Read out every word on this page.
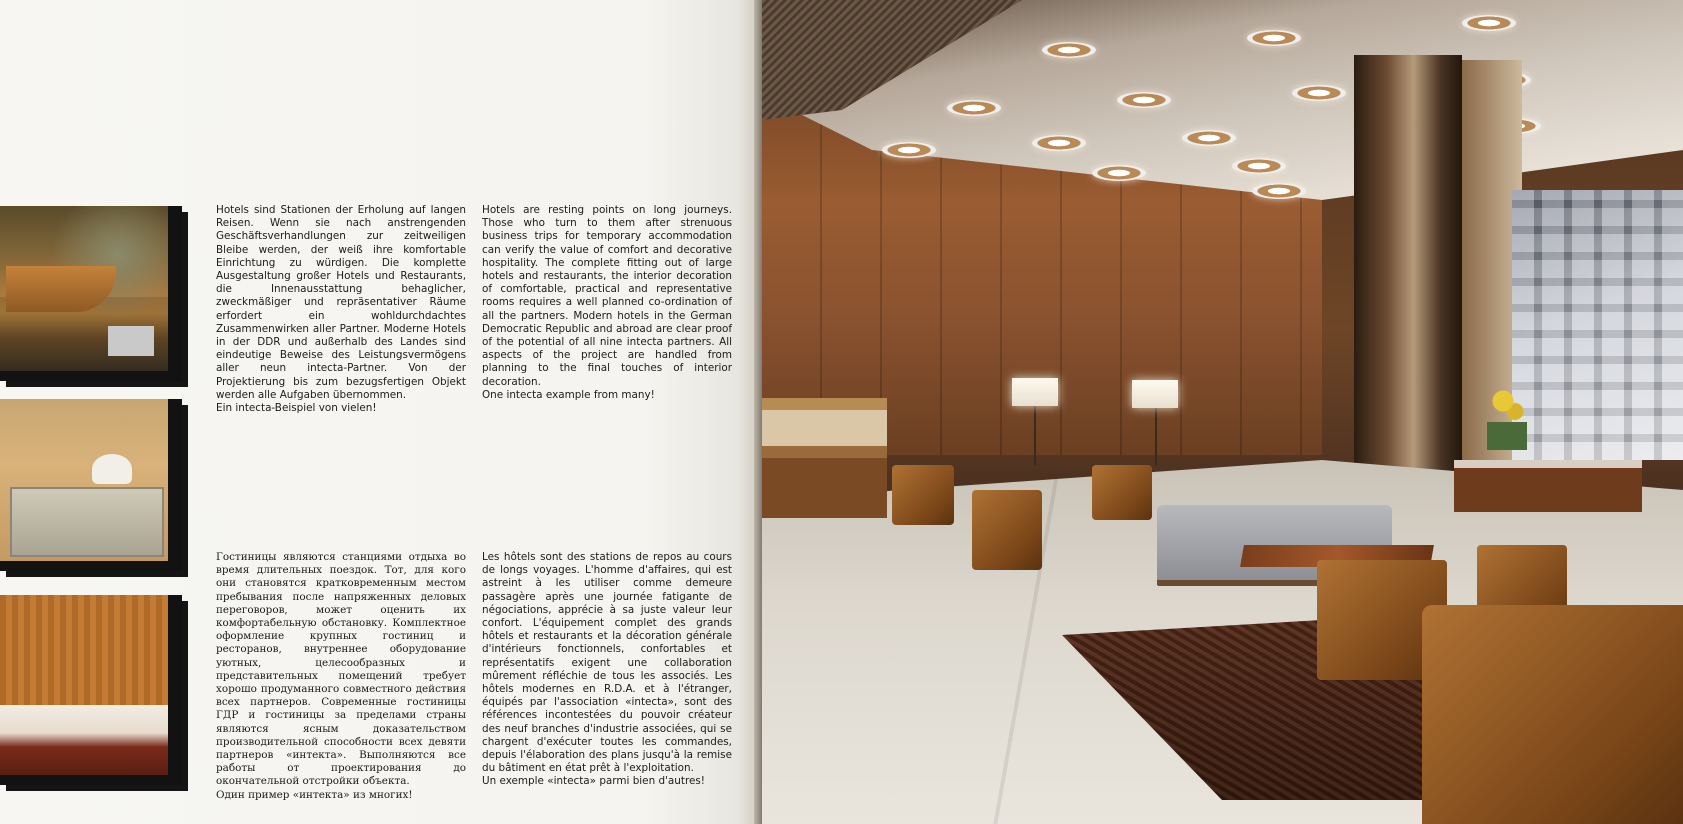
Hotels sind Stationen der Erholung auf langen Reisen. Wenn sie nach anstrengenden Geschäftsverhandlungen zur zeitweiligen Bleibe werden, der weiß ihre komfortable Einrichtung zu würdigen. Die komplette Ausgestaltung großer Hotels und Restaurants, die Innenausstattung behaglicher, zweckmäßiger und repräsentativer Räume erfordert ein wohldurchdachtes Zusammenwirken aller Partner. Moderne Hotels in der DDR und außerhalb des Landes sind eindeutige Beweise des Leistungsvermögens aller neun intecta-Partner. Von der Projektierung bis zum bezugsfertigen Objekt werden alle Aufgaben übernommen.
Ein intecta-Beispiel von vielen!

Hotels are resting points on long journeys. Those who turn to them after strenuous business trips for temporary accommodation can verify the value of comfort and decorative hospitality. The complete fitting out of large hotels and restaurants, the interior decoration of comfortable, practical and representative rooms requires a well planned co-ordination of all the partners. Modern hotels in the German Democratic Republic and abroad are clear proof of the potential of all nine intecta partners. All aspects of the project are handled from planning to the final touches of interior decoration.
One intecta example from many!

Гостиницы являются станциями отдыха во время длительных поездок. Тот, для кого они становятся кратковременным местом пребывания после напряженных деловых переговоров, может оценить их комфортабельную обстановку. Комплектное оформление крупных гостиниц и ресторанов, внутреннее оборудование уютных, целесообразных и представительных помещений требует хорошо продуманного совместного действия всех партнеров. Современные гостиницы ГДР и гостиницы за пределами страны являются ясным доказательством производительной способности всех девяти партнеров «интекта». Выполняются все работы от проектирования до окончательной отстройки объекта.
Один пример «интекта» из многих!

Les hôtels sont des stations de repos au cours de longs voyages. L'homme d'affaires, qui est astreint à les utiliser comme demeure passagère après une journée fatigante de négociations, apprécie à sa juste valeur leur confort. L'équipement complet des grands hôtels et restaurants et la décoration générale d'intérieurs fonctionnels, confortables et représentatifs exigent une collaboration mûrement réfléchie de tous les associés. Les hôtels modernes en R.D.A. et à l'étranger, équipés par l'association «intecta», sont des références incontestées du pouvoir créateur des neuf branches d'industrie associées, qui se chargent d'exécuter toutes les commandes, depuis l'élaboration des plans jusqu'à la remise du bâtiment en état prêt à l'exploitation.
Un exemple «intecta» parmi bien d'autres!
